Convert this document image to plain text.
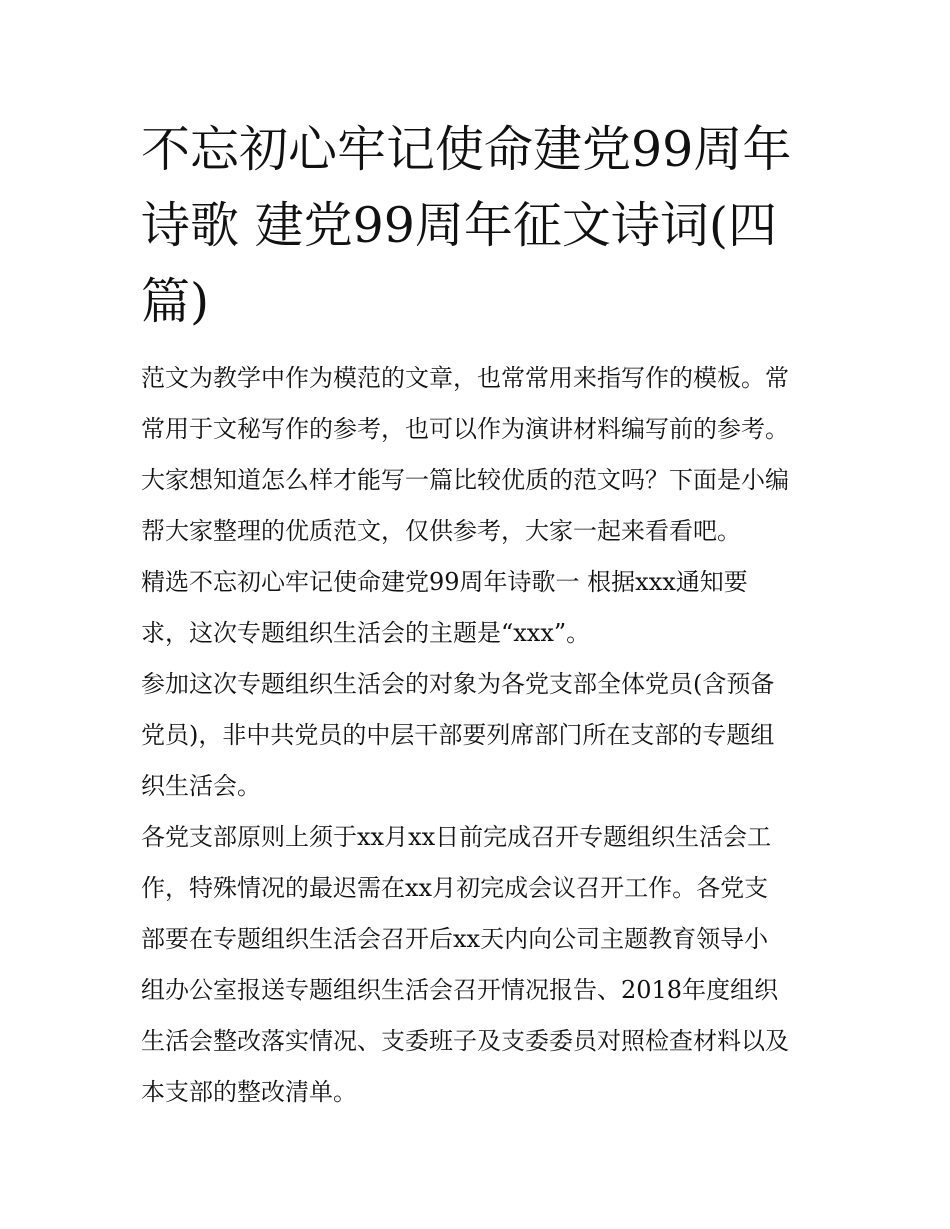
不忘初心牢记使命建党99周年
诗歌 建党99周年征文诗词(四
篇)

范文为教学中作为模范的文章，也常常用来指写作的模板。常
常用于文秘写作的参考，也可以作为演讲材料编写前的参考。
大家想知道怎么样才能写一篇比较优质的范文吗？下面是小编
帮大家整理的优质范文，仅供参考，大家一起来看看吧。

精选不忘初心牢记使命建党99周年诗歌一 根据xxx通知要
求，这次专题组织生活会的主题是“xxx”。

参加这次专题组织生活会的对象为各党支部全体党员(含预备
党员)，非中共党员的中层干部要列席部门所在支部的专题组
织生活会。

各党支部原则上须于xx月xx日前完成召开专题组织生活会工
作，特殊情况的最迟需在xx月初完成会议召开工作。各党支
部要在专题组织生活会召开后xx天内向公司主题教育领导小
组办公室报送专题组织生活会召开情况报告、2018年度组织
生活会整改落实情况、支委班子及支委委员对照检查材料以及
本支部的整改清单。
